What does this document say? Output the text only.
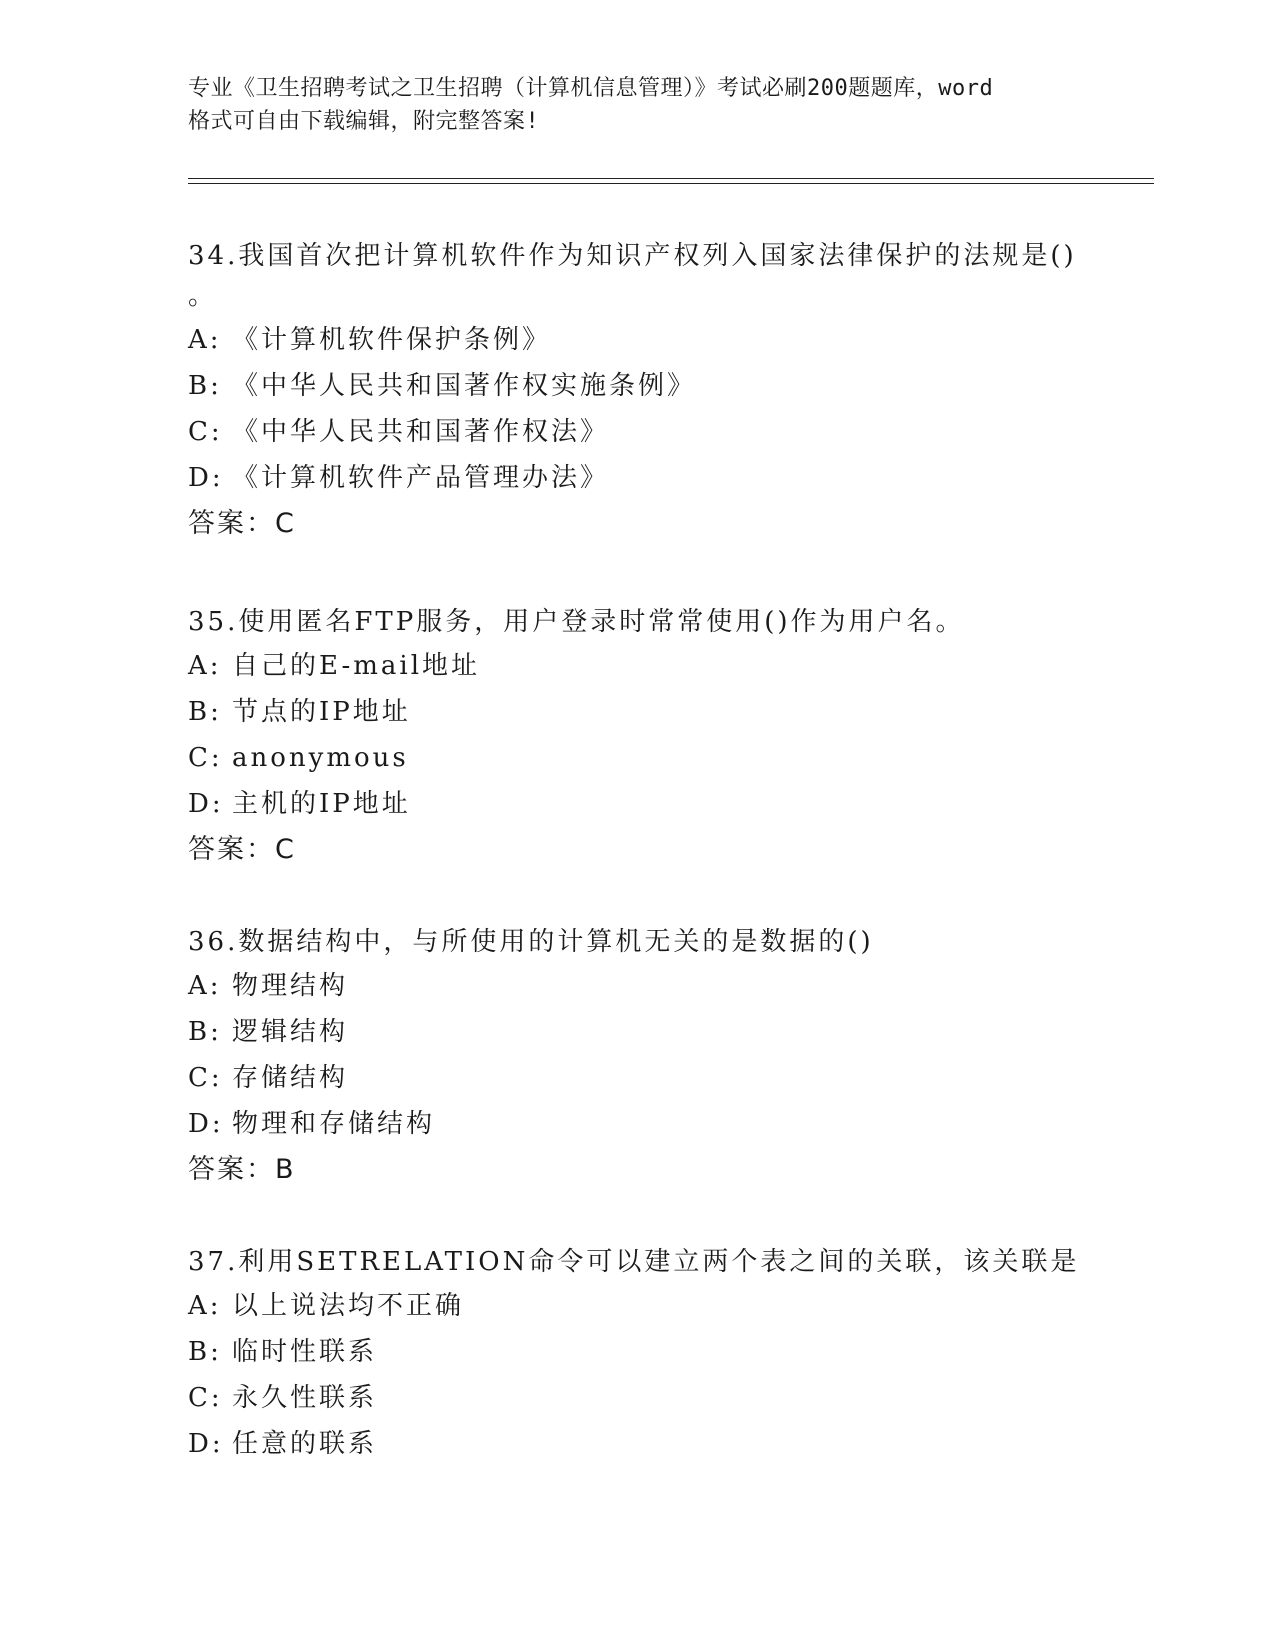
专业《卫生招聘考试之卫生招聘（计算机信息管理）》考试必刷200题题库，word
格式可自由下载编辑，附完整答案!

34.我国首次把计算机软件作为知识产权列入国家法律保护的法规是()

。

A: 《计算机软件保护条例》
B: 《中华人民共和国著作权实施条例》
C: 《中华人民共和国著作权法》
D: 《计算机软件产品管理办法》
答案：C

35.使用匿名FTP服务，用户登录时常常使用()作为用户名。

A: 自己的E-mail地址
B: 节点的IP地址
C: anonymous
D: 主机的IP地址
答案：C

36.数据结构中，与所使用的计算机无关的是数据的()

A: 物理结构
B: 逻辑结构
C: 存储结构
D: 物理和存储结构
答案：B

37.利用SETRELATION命令可以建立两个表之间的关联，该关联是

A: 以上说法均不正确
B: 临时性联系
C: 永久性联系
D: 任意的联系
